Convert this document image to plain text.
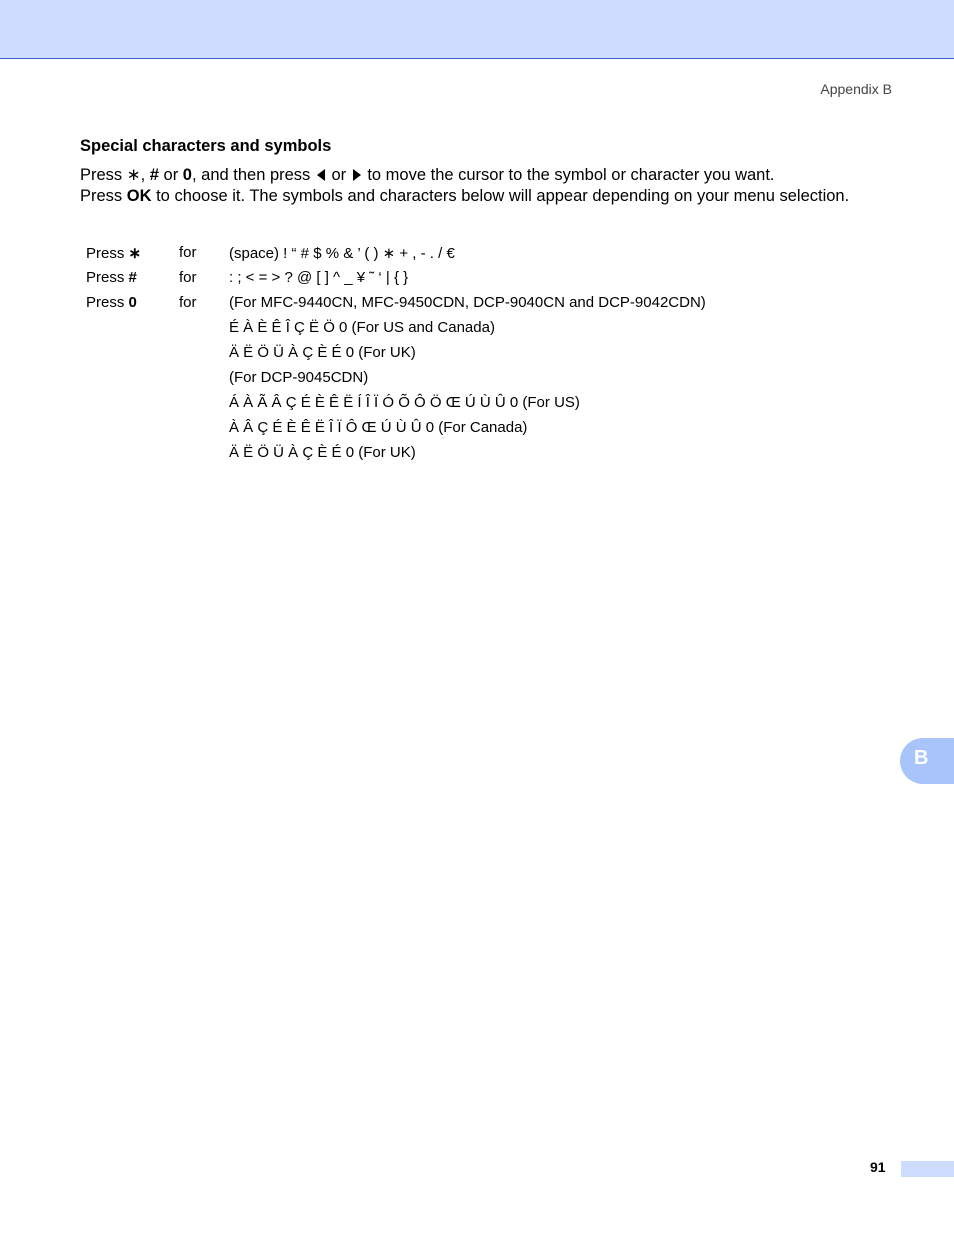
Appendix B
Special characters and symbols
Press ∗, # or 0, and then press  or  to move the cursor to the symbol or character you want.
Press OK to choose it. The symbols and characters below will appear depending on your menu selection.
Press ∗	for (space) ! “ # $ % & ’ ( ) ∗ + , - . / €
Press #	for : ; < = > ? @ [ ] ^ _ ¥ ˜ ‘ | { }
Press 0	for (For MFC-9440CN, MFC-9450CDN, DCP-9040CN and DCP-9042CDN)
É À È Ê Î Ç Ë Ö 0 (For US and Canada)
Ä Ë Ö Ü À Ç È É 0 (For UK)
(For DCP-9045CDN)
Á À Ã Â Ç É È Ê Ë Í Î Ï Ó Õ Ô Ö Œ Ú Ù Û 0 (For US)
À Â Ç É È Ê Ë Î Ï Ô Œ Ú Ù Û 0 (For Canada)
Ä Ë Ö Ü À Ç È É 0 (For UK)
B
91
